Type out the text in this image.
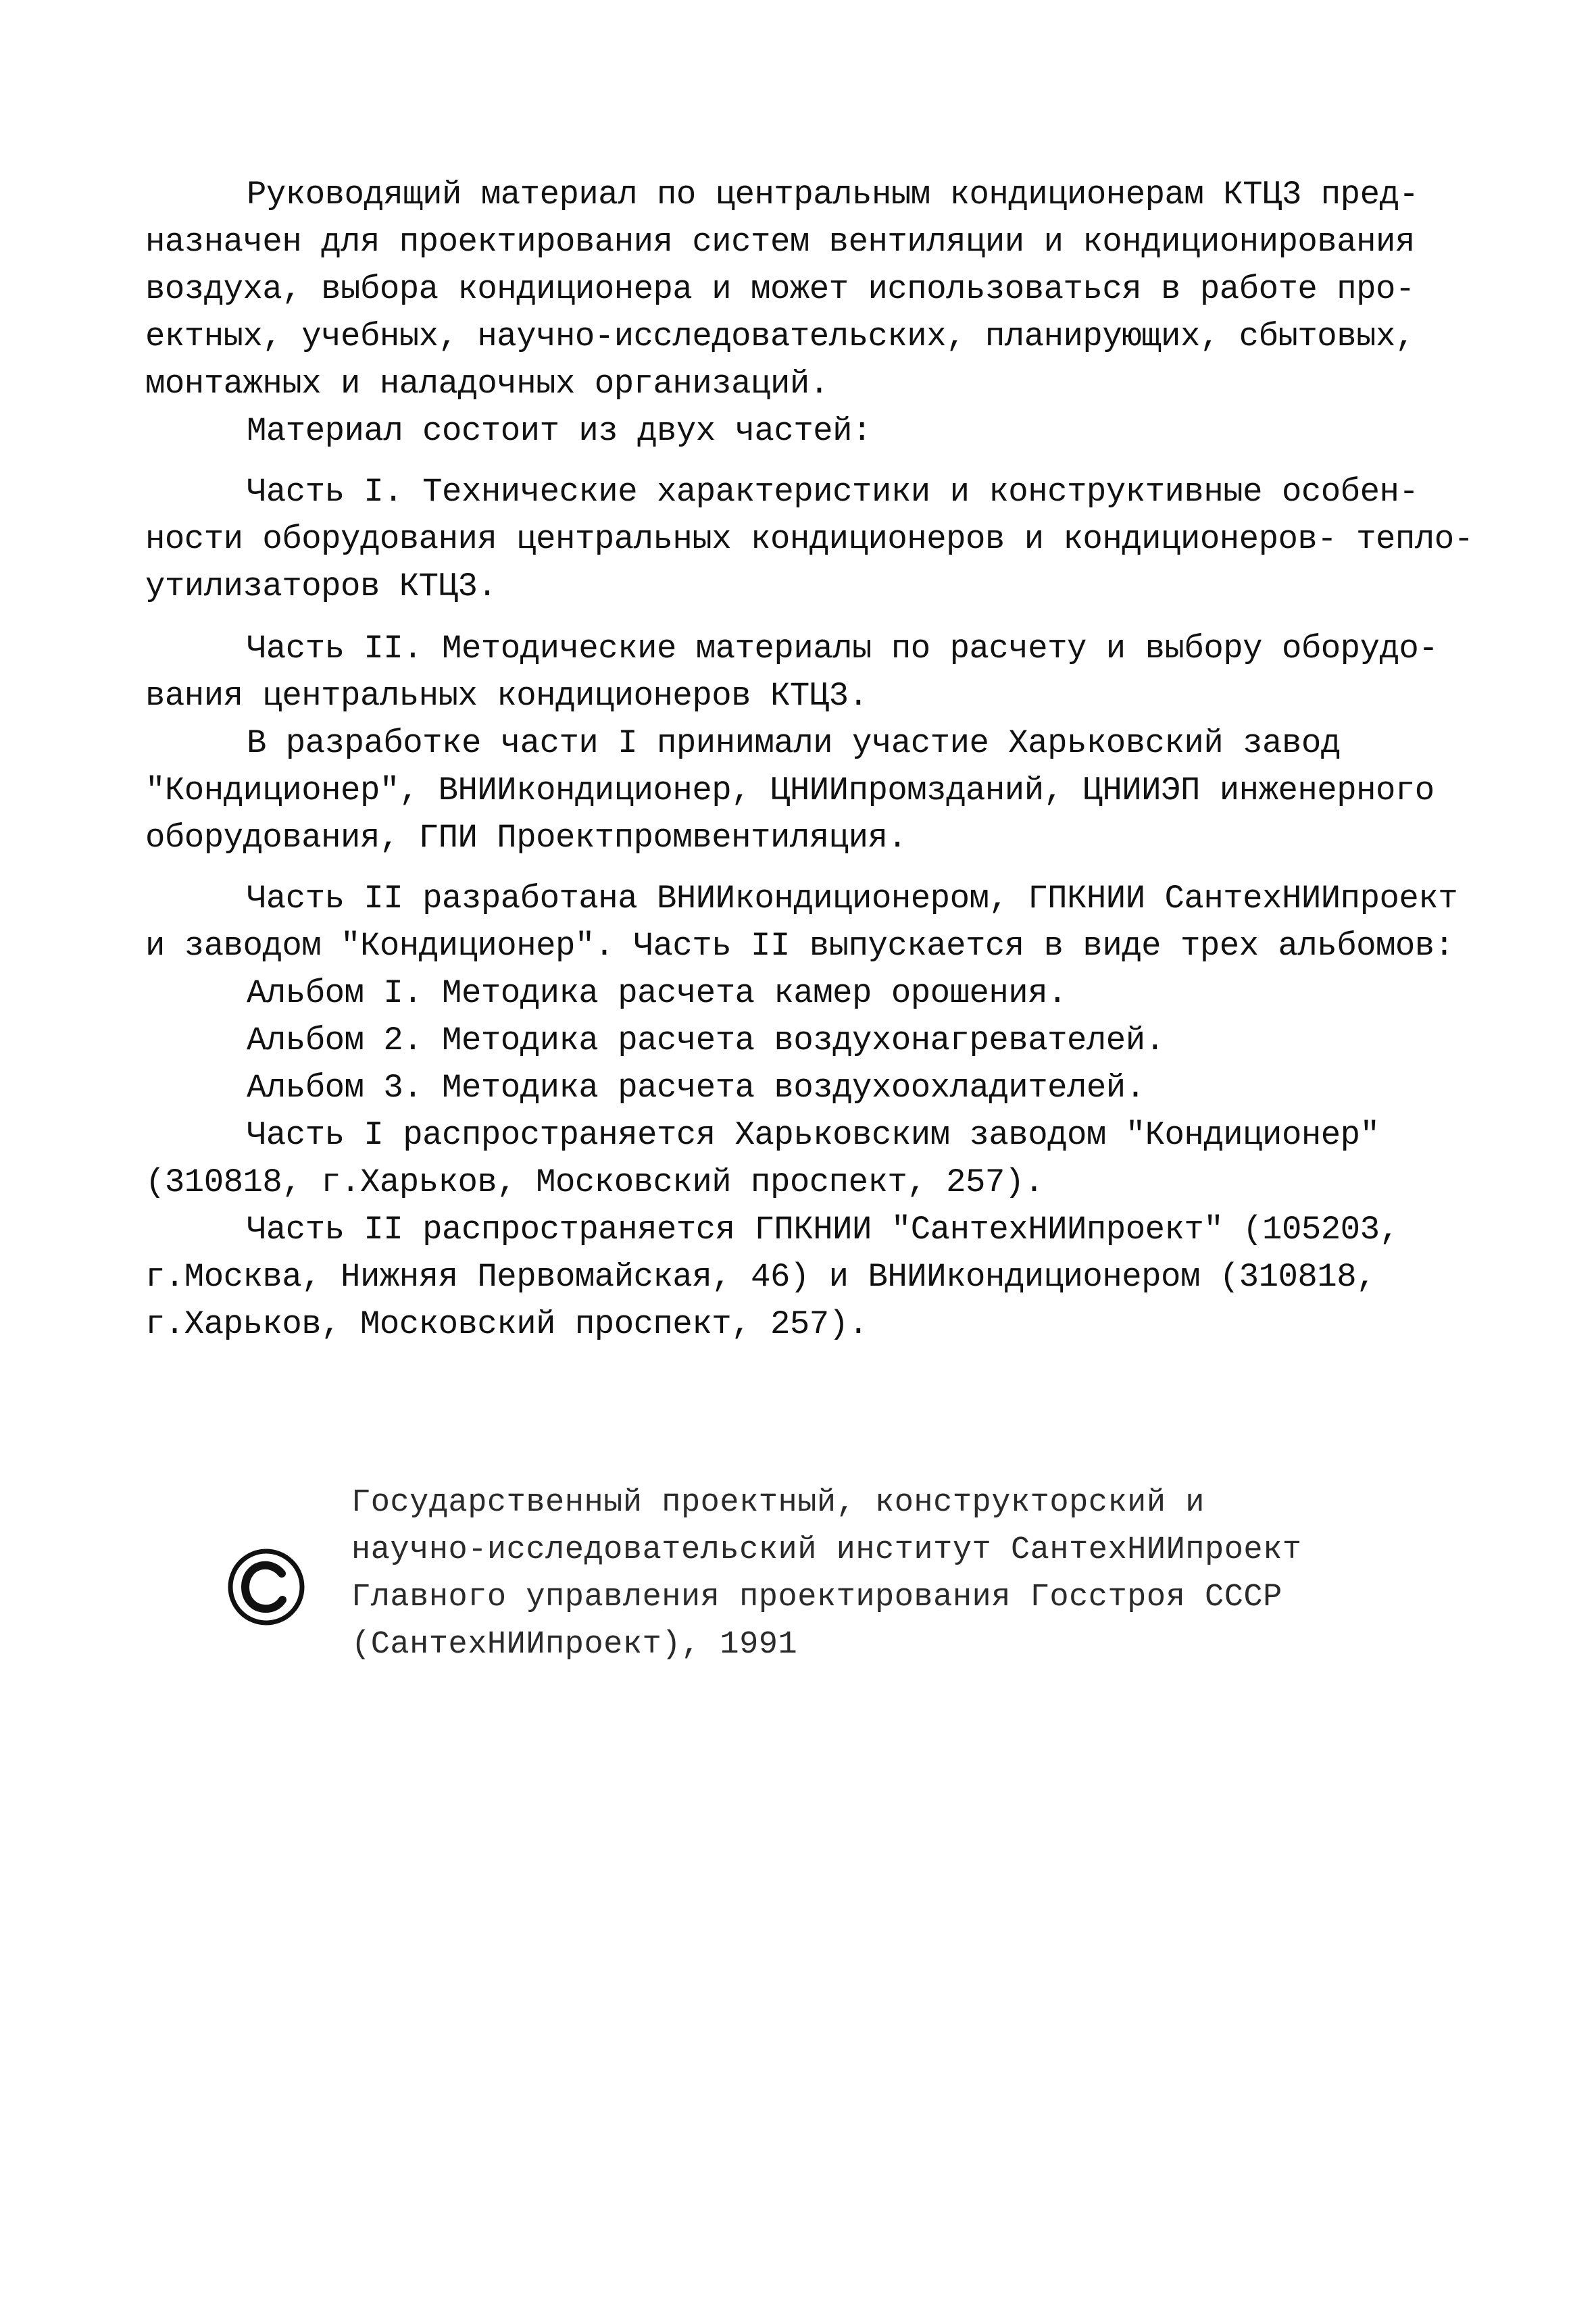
Руководящий материал по центральным кондиционерам КТЦ3 пред-
назначен для проектирования систем вентиляции и кондиционирования
воздуха, выбора кондиционера и может использоваться в работе про-
ектных, учебных, научно-исследовательских, планирующих, сбытовых,
монтажных и наладочных организаций.
Материал состоит из двух частей:
Часть I. Технические характеристики и конструктивные особен-
ности оборудования центральных кондиционеров и кондиционеров- тепло-
утилизаторов КТЦ3.
Часть II. Методические материалы по расчету и выбору оборудо-
вания центральных кондиционеров КТЦ3.
В разработке части I принимали участие Харьковский завод
"Кондиционер", ВНИИкондиционер, ЦНИИпромзданий, ЦНИИЭП инженерного
оборудования, ГПИ Проектпромвентиляция.
Часть II разработана ВНИИкондиционером, ГПКНИИ СантехНИИпроект
и заводом "Кондиционер". Часть II выпускается в виде трех альбомов:
Альбом I. Методика расчета камер орошения.
Альбом 2. Методика расчета воздухонагревателей.
Альбом 3. Методика расчета воздухоохладителей.
Часть I распространяется Харьковским заводом "Кондиционер"
(310818, г.Харьков, Московский проспект, 257).
Часть II распространяется ГПКНИИ "СантехНИИпроект" (105203,
г.Москва, Нижняя Первомайская, 46) и ВНИИкондиционером (310818,
г.Харьков, Московский проспект, 257).
Государственный проектный, конструкторский и
научно-исследовательский институт СантехНИИпроект
Главного управления проектирования Госстроя СССР
(СантехНИИпроект), 1991
